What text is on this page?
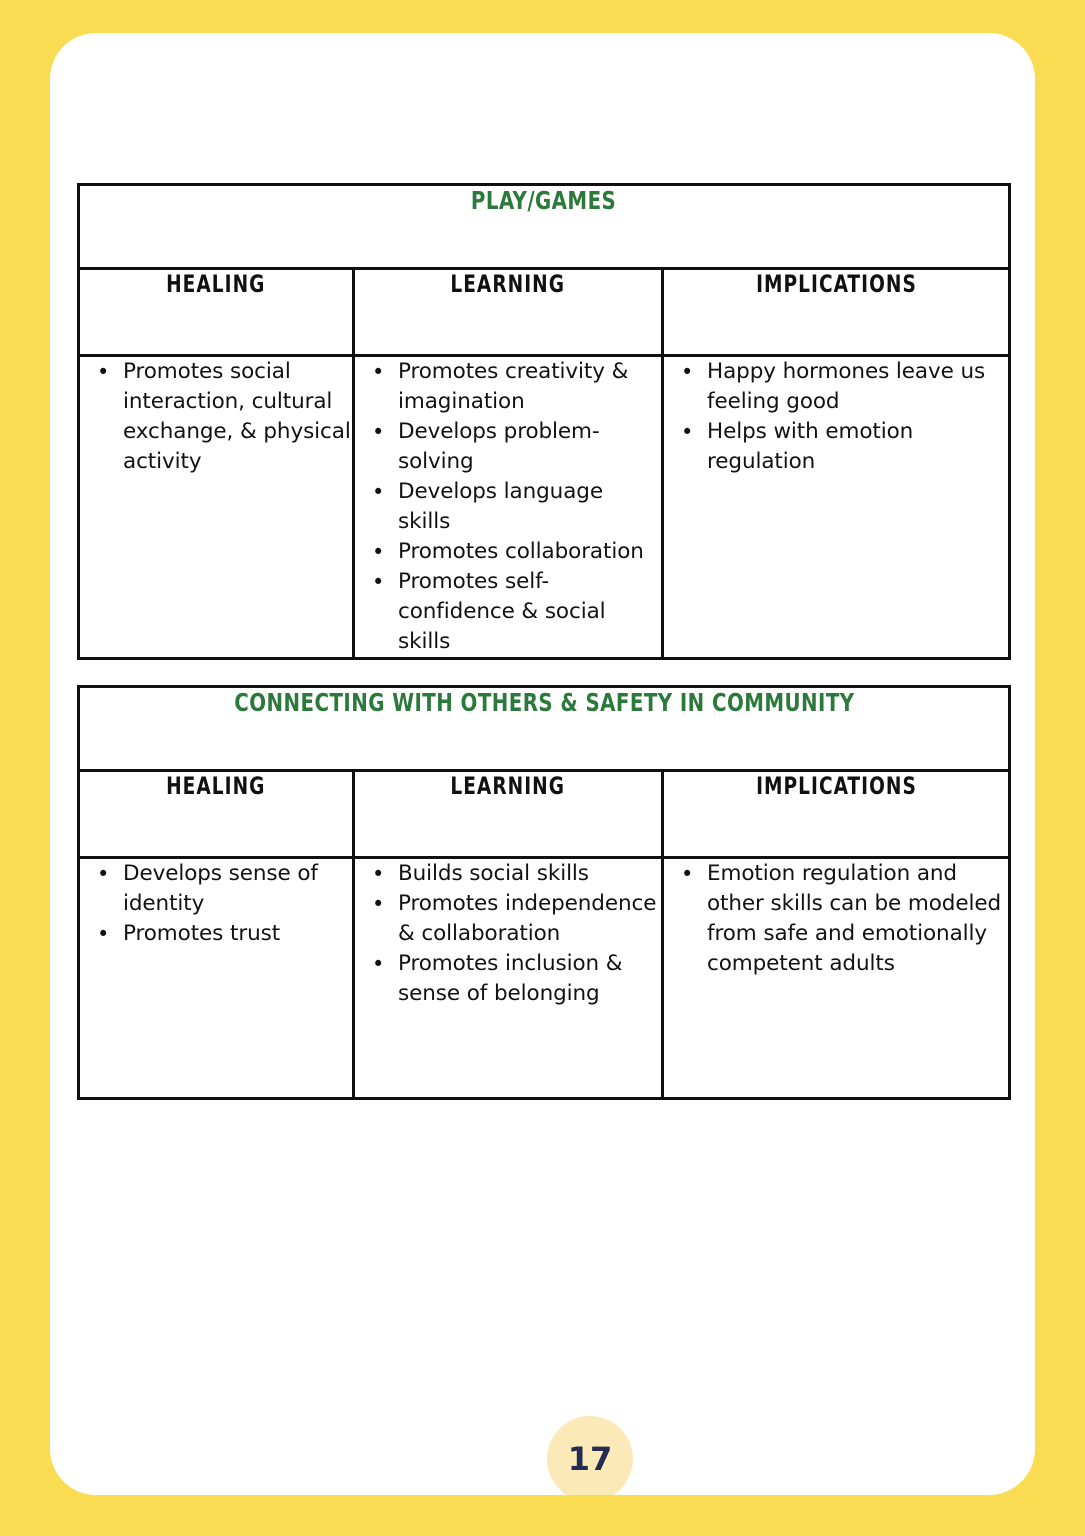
PLAY/GAMES		
HEALING	LEARNING	IMPLICATIONS

• Promotes social interaction, cultural exchange, & physical activity

• Promotes creativity & imagination
• Develops problem-solving
• Develops language skills
• Promotes collaboration
• Promotes self-confidence & social skills

• Happy hormones leave us feeling good
• Helps with emotion regulation
CONNECTING WITH OTHERS & SAFETY IN COMMUNITY		
HEALING	LEARNING	IMPLICATIONS

• Develops sense of identity
• Promotes trust

• Builds social skills
• Promotes independence & collaboration
• Promotes inclusion & sense of belonging

• Emotion regulation and other skills can be modeled from safe and emotionally competent adults
17
